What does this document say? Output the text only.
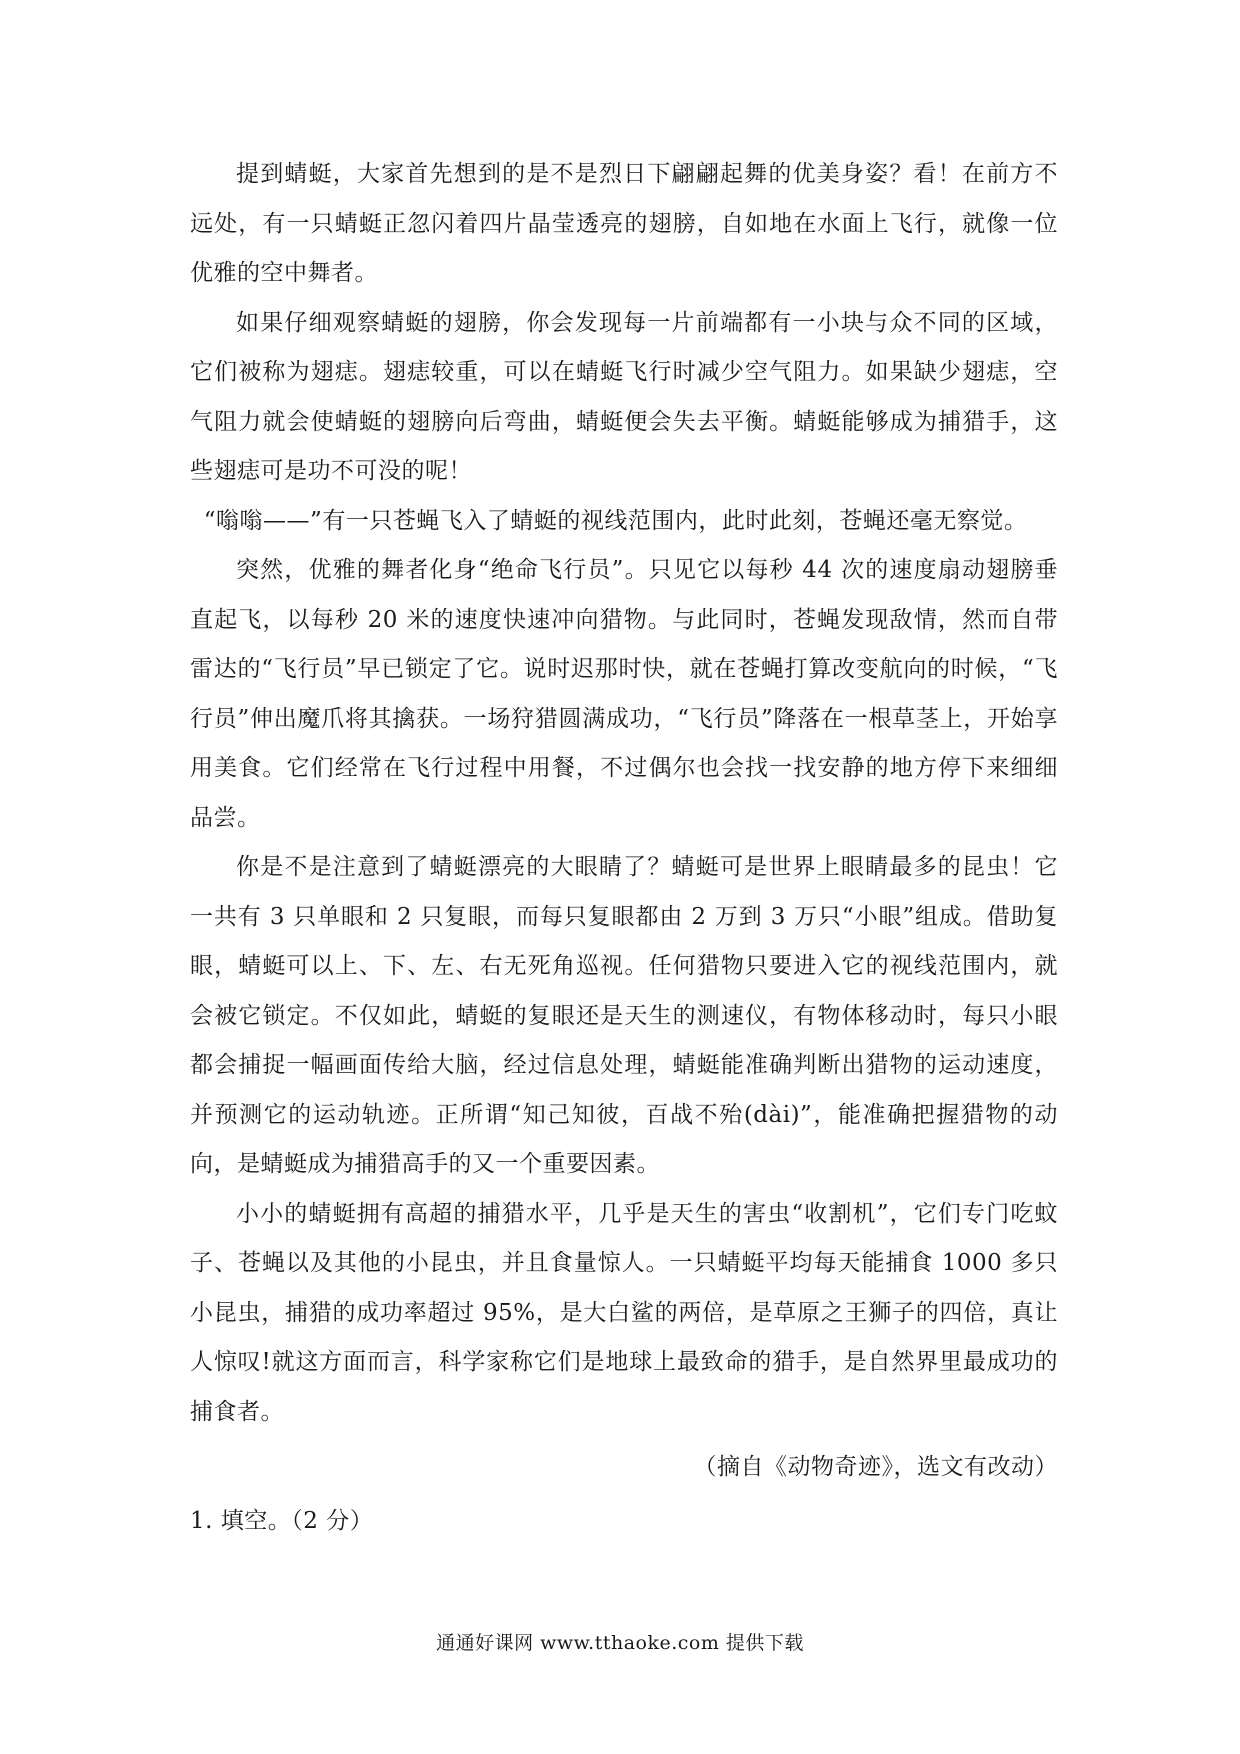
提到蜻蜓，大家首先想到的是不是烈日下翩翩起舞的优美身姿？看！在前方不远处，有一只蜻蜓正忽闪着四片晶莹透亮的翅膀，自如地在水面上飞行，就像一位优雅的空中舞者。

如果仔细观察蜻蜓的翅膀，你会发现每一片前端都有一小块与众不同的区域，它们被称为翅痣。翅痣较重，可以在蜻蜓飞行时减少空气阻力。如果缺少翅痣，空气阻力就会使蜻蜓的翅膀向后弯曲，蜻蜓便会失去平衡。蜻蜓能够成为捕猎手，这些翅痣可是功不可没的呢！

“嗡嗡——”有一只苍蝇飞入了蜻蜓的视线范围内，此时此刻，苍蝇还毫无察觉。

突然，优雅的舞者化身“绝命飞行员”。只见它以每秒 44 次的速度扇动翅膀垂直起飞，以每秒 20 米的速度快速冲向猎物。与此同时，苍蝇发现敌情，然而自带雷达的“飞行员”早已锁定了它。说时迟那时快，就在苍蝇打算改变航向的时候，“飞行员”伸出魔爪将其擒获。一场狩猎圆满成功，“飞行员”降落在一根草茎上，开始享用美食。它们经常在飞行过程中用餐，不过偶尔也会找一找安静的地方停下来细细品尝。

你是不是注意到了蜻蜓漂亮的大眼睛了？蜻蜓可是世界上眼睛最多的昆虫！它一共有 3 只单眼和 2 只复眼，而每只复眼都由 2 万到 3 万只“小眼”组成。借助复眼，蜻蜓可以上、下、左、右无死角巡视。任何猎物只要进入它的视线范围内，就会被它锁定。不仅如此，蜻蜓的复眼还是天生的测速仪，有物体移动时，每只小眼都会捕捉一幅画面传给大脑，经过信息处理，蜻蜓能准确判断出猎物的运动速度，并预测它的运动轨迹。正所谓“知己知彼，百战不殆(dài)”，能准确把握猎物的动向，是蜻蜓成为捕猎高手的又一个重要因素。

小小的蜻蜓拥有高超的捕猎水平，几乎是天生的害虫“收割机”，它们专门吃蚊子、苍蝇以及其他的小昆虫，并且食量惊人。一只蜻蜓平均每天能捕食 1000 多只小昆虫，捕猎的成功率超过 95%，是大白鲨的两倍，是草原之王狮子的四倍，真让人惊叹!就这方面而言，科学家称它们是地球上最致命的猎手，是自然界里最成功的捕食者。

（摘自《动物奇迹》，选文有改动）

1. 填空。（2 分）

通通好课网 www.tthaoke.com 提供下载
